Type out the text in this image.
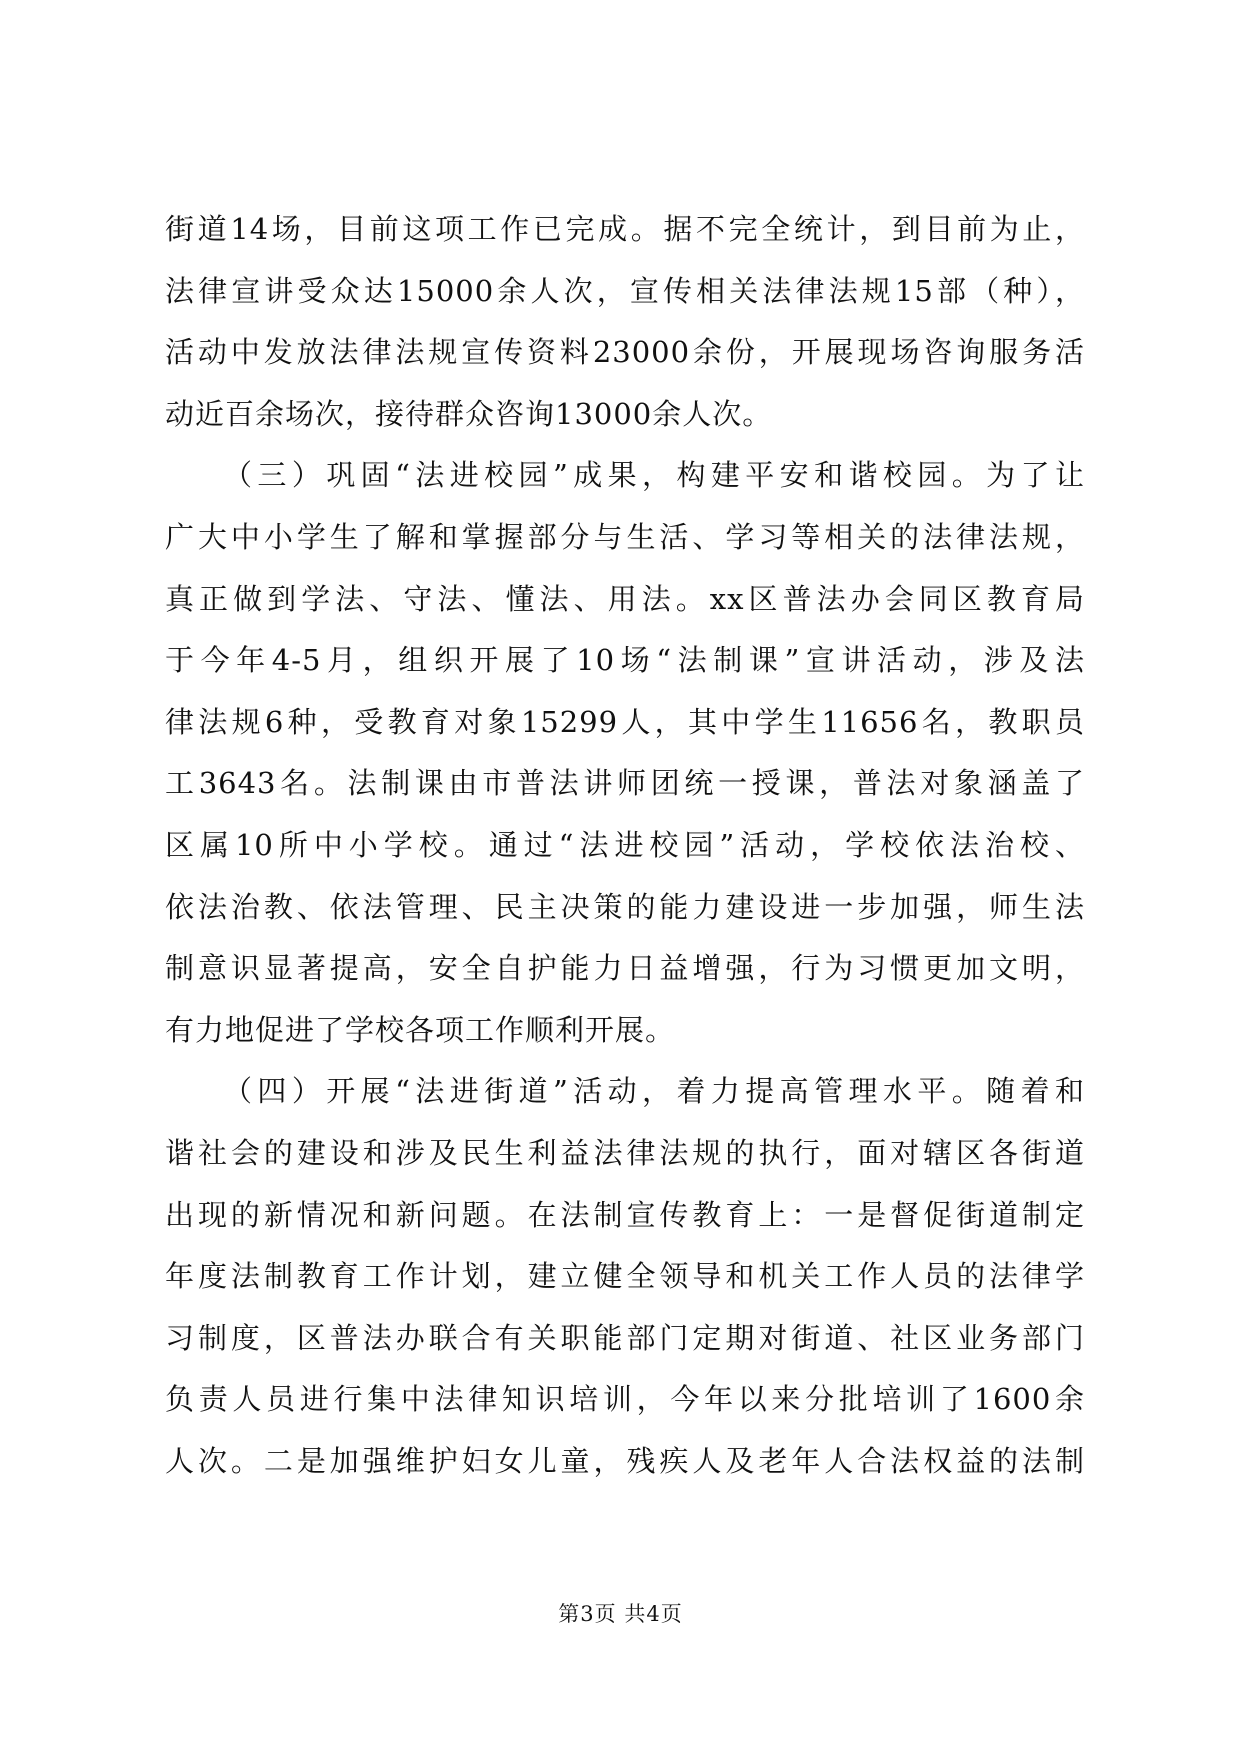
街道14场，目前这项工作已完成。据不完全统计，到目前为止，
法律宣讲受众达15000余人次，宣传相关法律法规15部（种），
活动中发放法律法规宣传资料23000余份，开展现场咨询服务活
动近百余场次，接待群众咨询13000余人次。
（三）巩固“法进校园”成果，构建平安和谐校园。为了让
广大中小学生了解和掌握部分与生活、学习等相关的法律法规，
真正做到学法、守法、懂法、用法。xx区普法办会同区教育局
于今年4-5月，组织开展了10场“法制课”宣讲活动，涉及法
律法规6种，受教育对象15299人，其中学生11656名，教职员
工3643名。法制课由市普法讲师团统一授课，普法对象涵盖了
区属10所中小学校。通过“法进校园”活动，学校依法治校、
依法治教、依法管理、民主决策的能力建设进一步加强，师生法
制意识显著提高，安全自护能力日益增强，行为习惯更加文明，
有力地促进了学校各项工作顺利开展。
（四）开展“法进街道”活动，着力提高管理水平。随着和
谐社会的建设和涉及民生利益法律法规的执行，面对辖区各街道
出现的新情况和新问题。在法制宣传教育上：一是督促街道制定
年度法制教育工作计划，建立健全领导和机关工作人员的法律学
习制度，区普法办联合有关职能部门定期对街道、社区业务部门
负责人员进行集中法律知识培训，今年以来分批培训了1600余
人次。二是加强维护妇女儿童，残疾人及老年人合法权益的法制
第3页 共4页
